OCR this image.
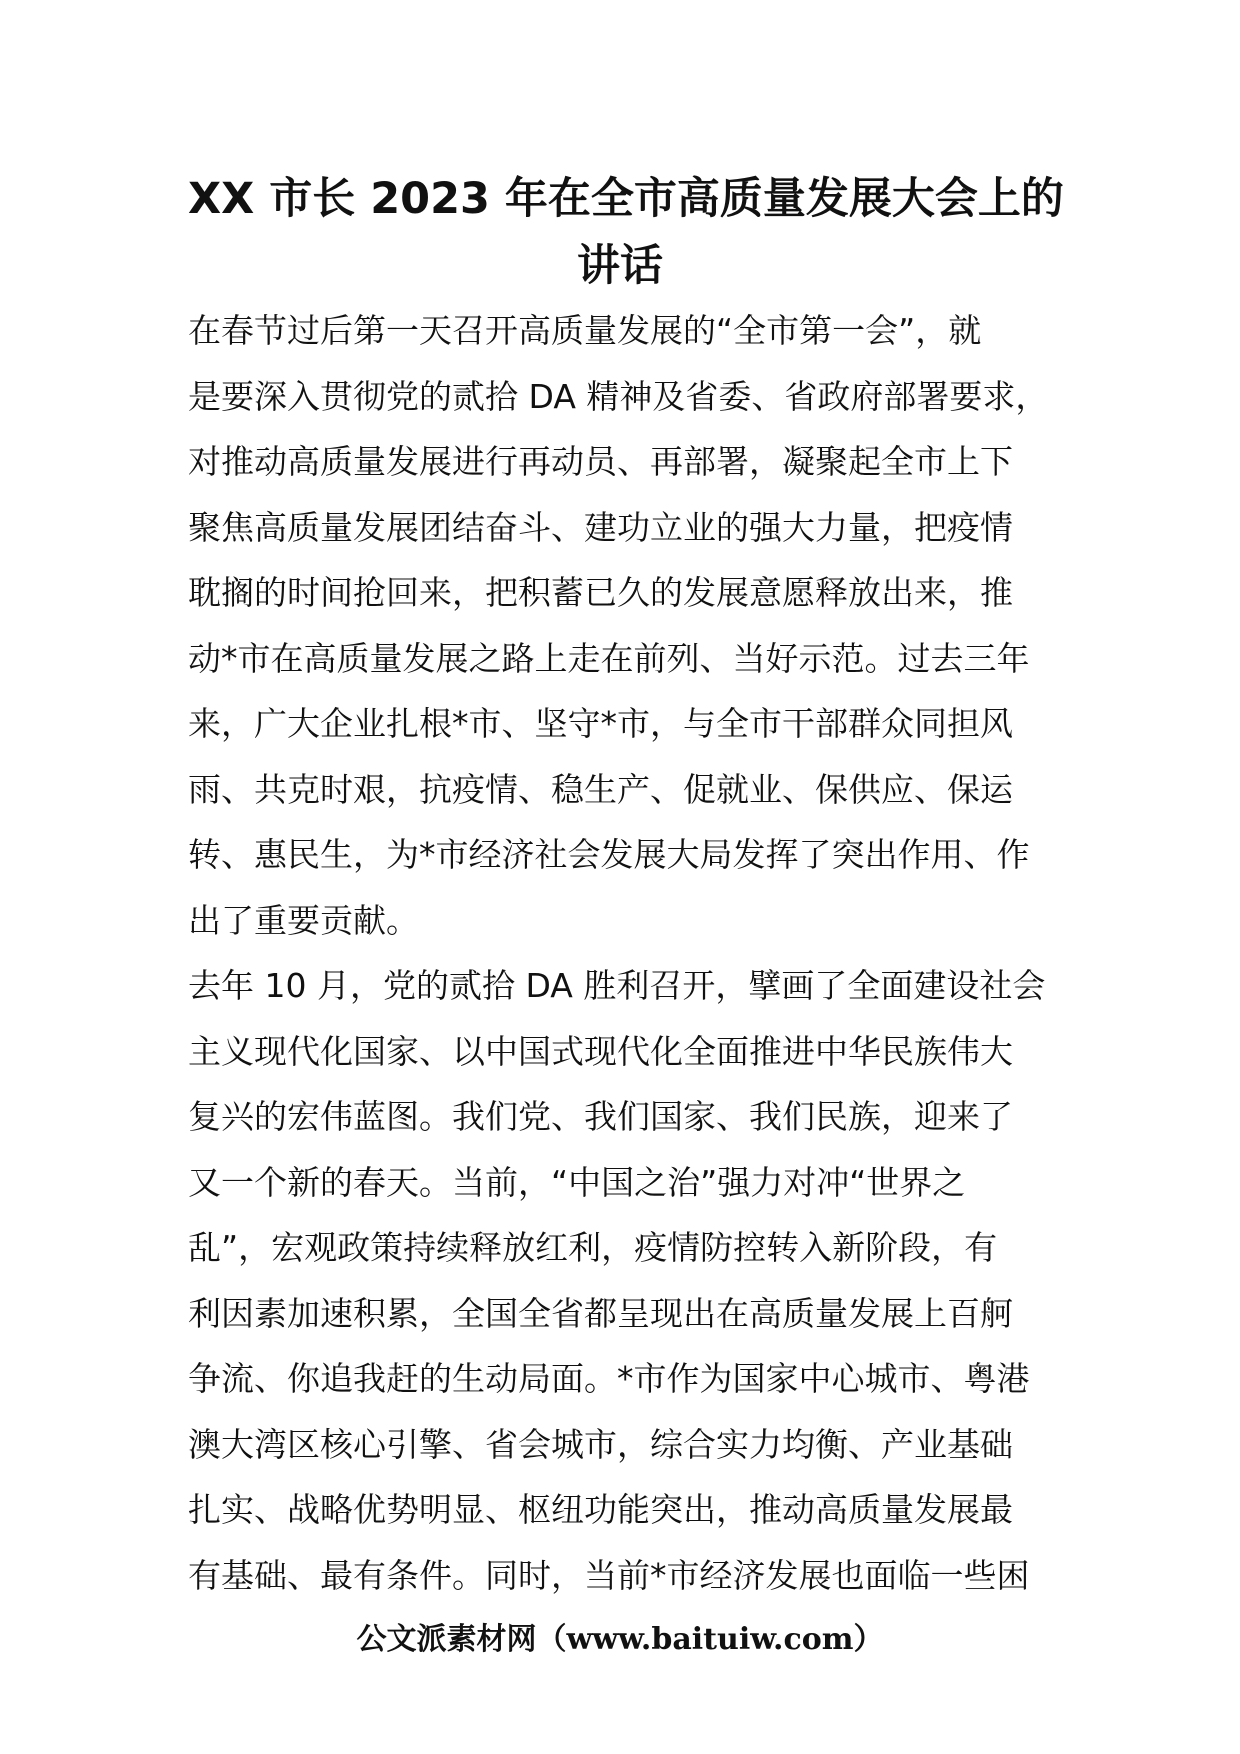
XX 市长 2023 年在全市高质量发展大会上的
讲话
在春节过后第一天召开高质量发展的“全市第一会”，就
是要深入贯彻党的贰拾 DA 精神及省委、省政府部署要求，
对推动高质量发展进行再动员、再部署，凝聚起全市上下
聚焦高质量发展团结奋斗、建功立业的强大力量，把疫情
耽搁的时间抢回来，把积蓄已久的发展意愿释放出来，推
动*市在高质量发展之路上走在前列、当好示范。过去三年
来，广大企业扎根*市、坚守*市，与全市干部群众同担风
雨、共克时艰，抗疫情、稳生产、促就业、保供应、保运
转、惠民生，为*市经济社会发展大局发挥了突出作用、作
出了重要贡献。
去年 10 月，党的贰拾 DA 胜利召开，擘画了全面建设社会
主义现代化国家、以中国式现代化全面推进中华民族伟大
复兴的宏伟蓝图。我们党、我们国家、我们民族，迎来了
又一个新的春天。当前，“中国之治”强力对冲“世界之
乱”，宏观政策持续释放红利，疫情防控转入新阶段，有
利因素加速积累，全国全省都呈现出在高质量发展上百舸
争流、你追我赶的生动局面。*市作为国家中心城市、粤港
澳大湾区核心引擎、省会城市，综合实力均衡、产业基础
扎实、战略优势明显、枢纽功能突出，推动高质量发展最
有基础、最有条件。同时，当前*市经济发展也面临一些困
公文派素材网（www.baituiw.com）
